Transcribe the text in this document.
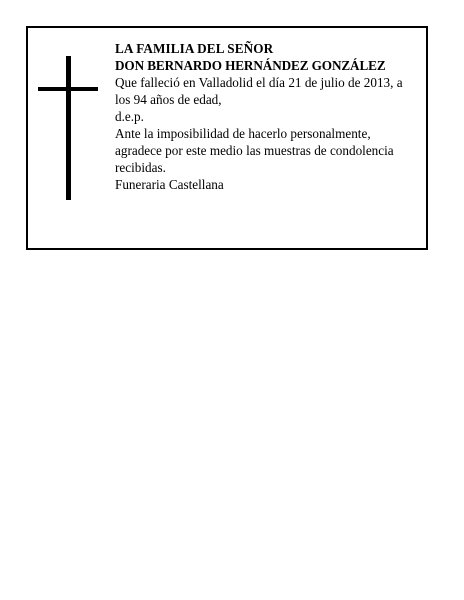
LA FAMILIA DEL SEÑOR
DON BERNARDO HERNÁNDEZ GONZÁLEZ
Que falleció en Valladolid el día 21 de julio de 2013, a los 94 años de edad,
d.e.p.
Ante la imposibilidad de hacerlo personalmente, agradece por este medio las muestras de condolencia recibidas.
Funeraria Castellana
